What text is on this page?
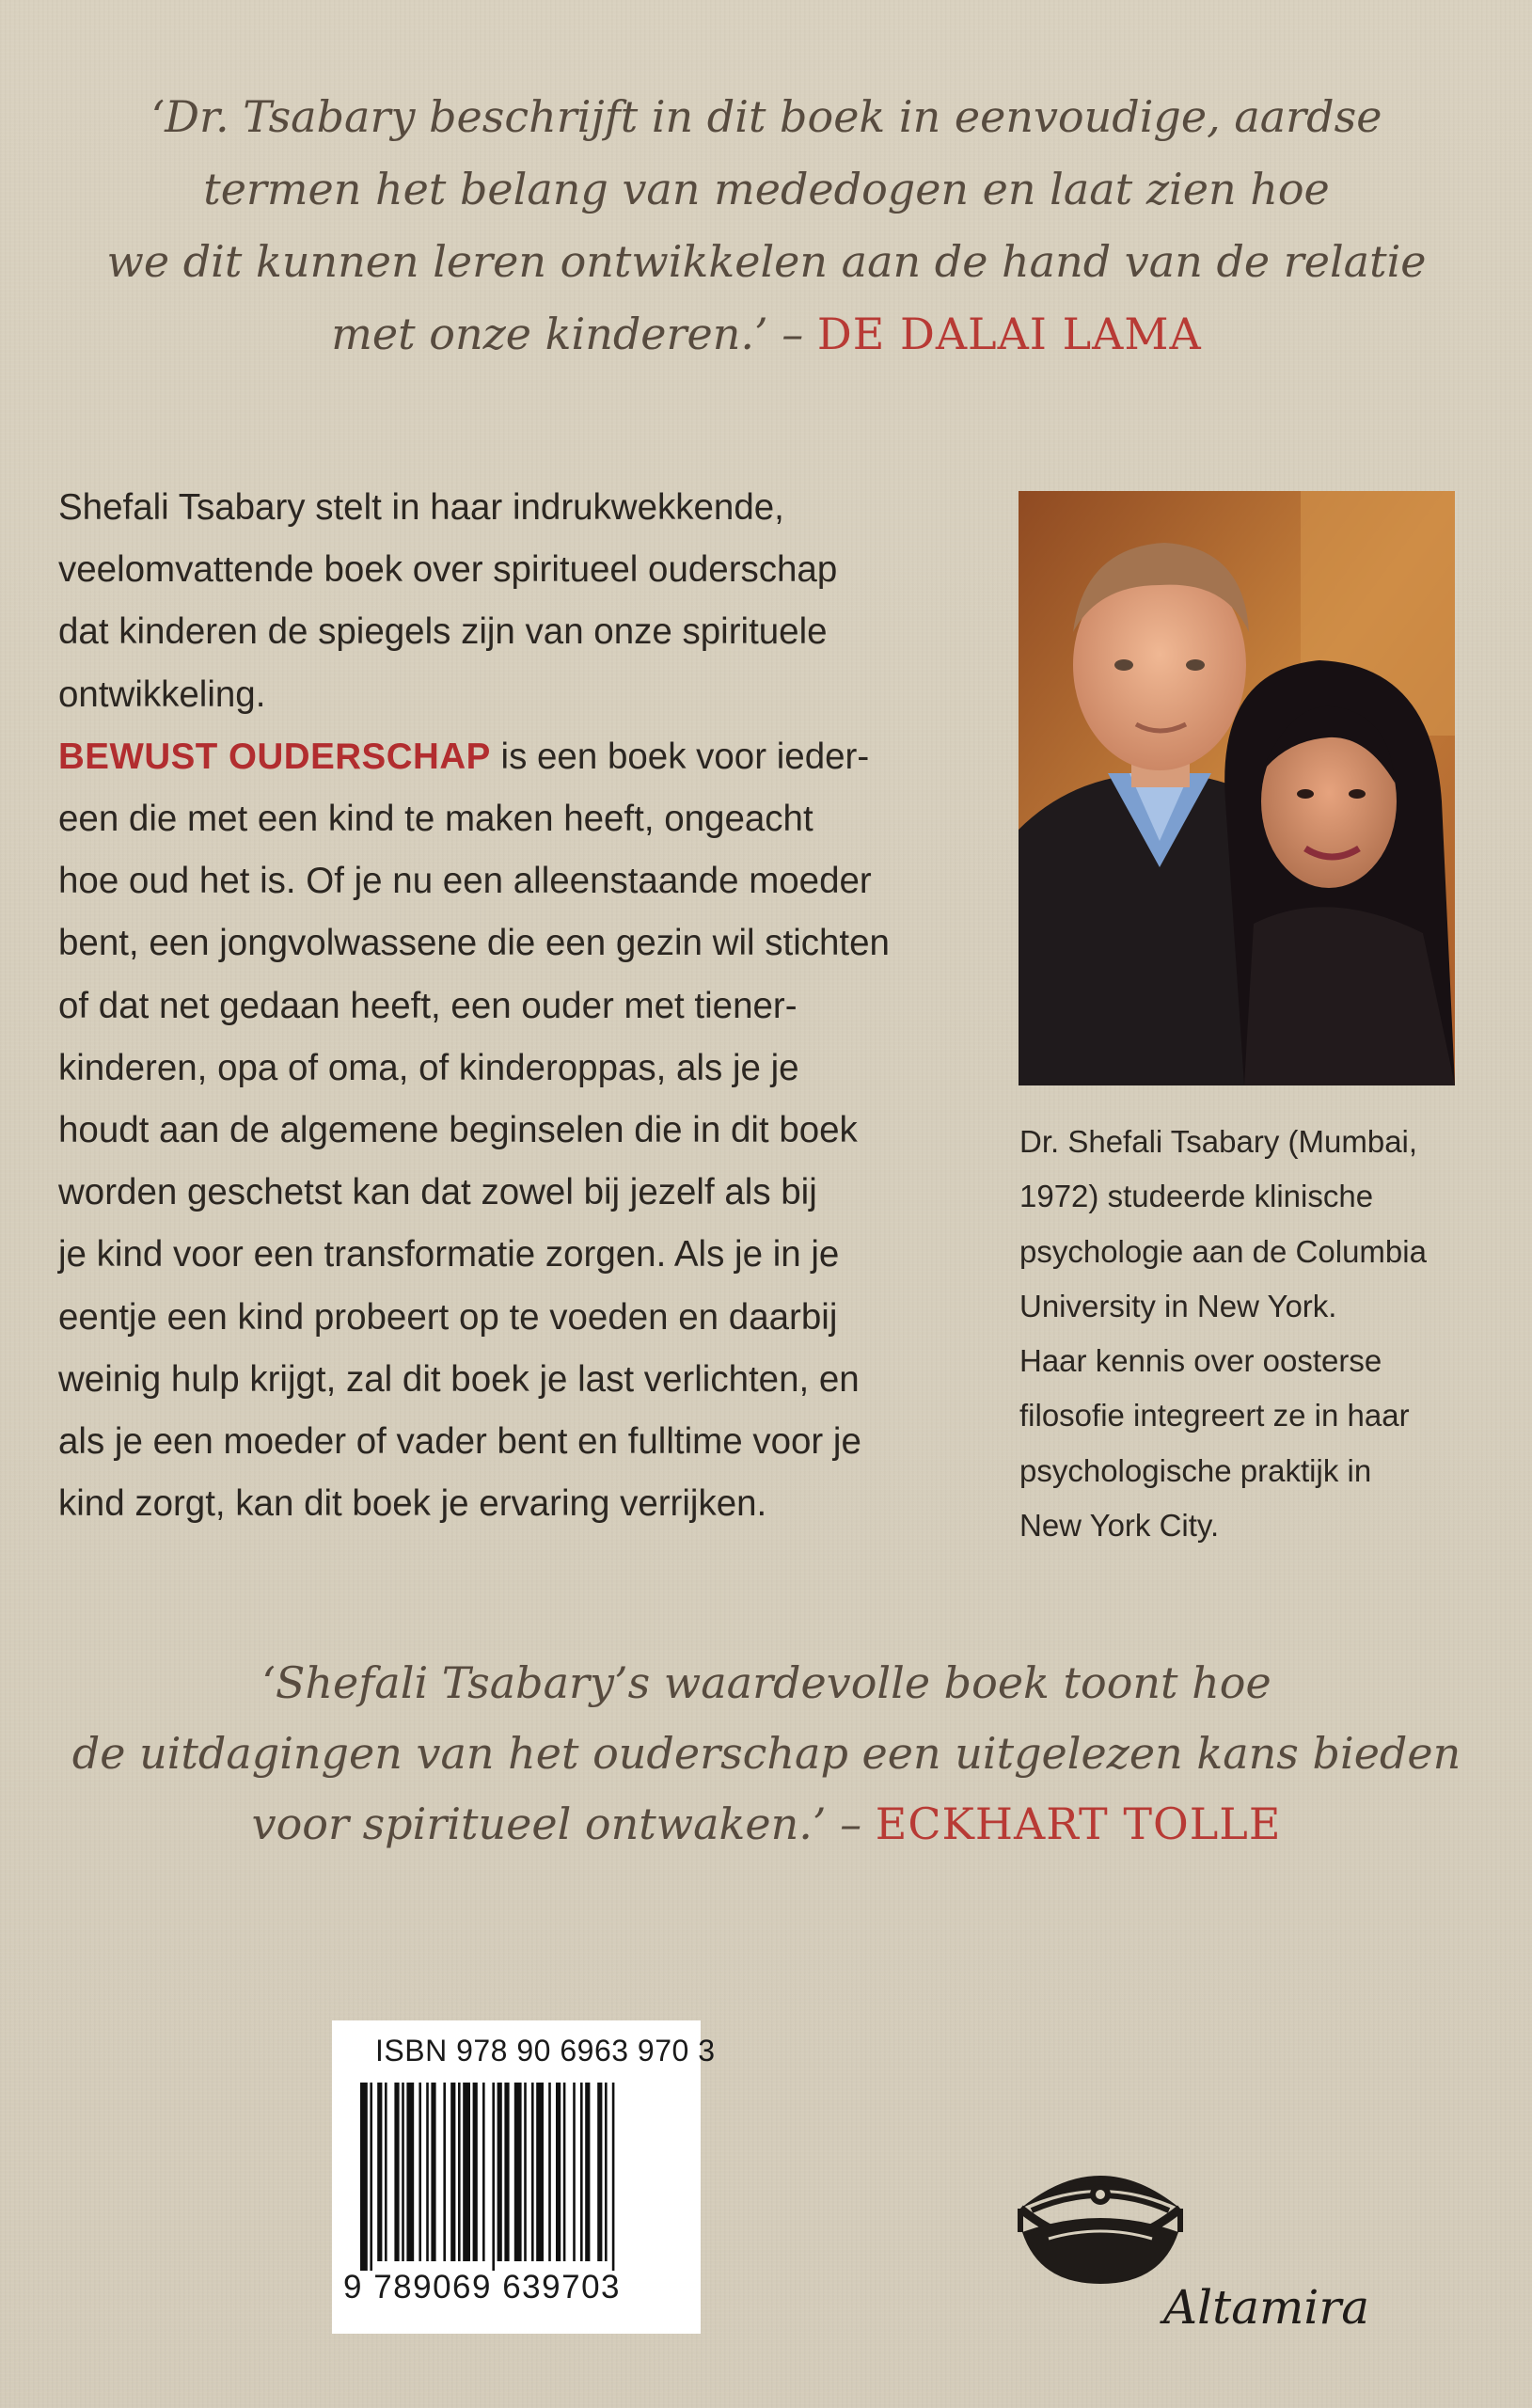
‘Dr. Tsabary beschrijft in dit boek in eenvoudige, aardse
termen het belang van mededogen en laat zien hoe
we dit kunnen leren ontwikkelen aan de hand van de relatie
met onze kinderen.’ – DE DALAI LAMA
Shefali Tsabary stelt in haar indrukwekkende,
veelomvattende boek over spiritueel ouderschap
dat kinderen de spiegels zijn van onze spirituele
ontwikkeling.
BEWUST OUDERSCHAP is een boek voor ieder-
een die met een kind te maken heeft, ongeacht
hoe oud het is. Of je nu een alleenstaande moeder
bent, een jongvolwassene die een gezin wil stichten
of dat net gedaan heeft, een ouder met tiener-
kinderen, opa of oma, of kinderoppas, als je je
houdt aan de algemene beginselen die in dit boek
worden geschetst kan dat zowel bij jezelf als bij
je kind voor een transformatie zorgen. Als je in je
eentje een kind probeert op te voeden en daarbij
weinig hulp krijgt, zal dit boek je last verlichten, en
als je een moeder of vader bent en fulltime voor je
kind zorgt, kan dit boek je ervaring verrijken.
Dr. Shefali Tsabary (Mumbai,
1972) studeerde klinische
psychologie aan de Columbia
University in New York.
Haar kennis over oosterse
filosofie integreert ze in haar
psychologische praktijk in
New York City.
‘Shefali Tsabary’s waardevolle boek toont hoe
de uitdagingen van het ouderschap een uitgelezen kans bieden
voor spiritueel ontwaken.’ – ECKHART TOLLE
ISBN 978 90 6963 970 3
9 789069 639703	Altamira
